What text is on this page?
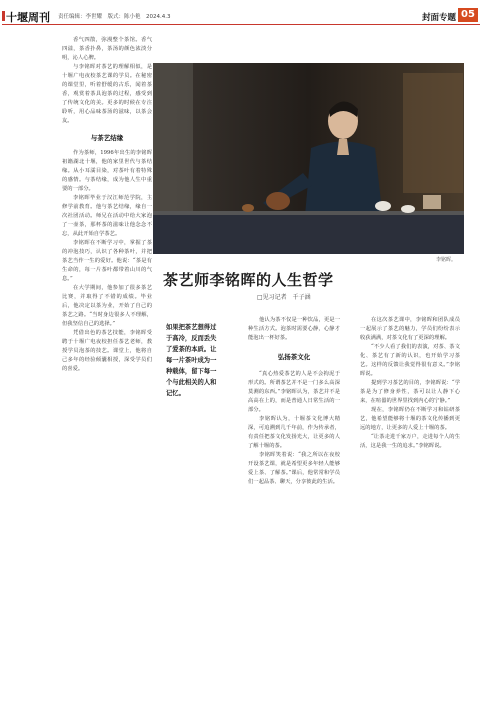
十堰周刊 责任编辑：李世耀　版式：陈小艳　2024.4.3	封面专题 05

香气四散，弥漫整个茶馆。香气四溢，茶香扑鼻，茶汤的颜色浓淡分明，沁人心脾。

与李铭晖对茶艺的理解相似，是十堰广电夜校茶艺课的学员。在秘密的课堂里，听着舒缓的古乐，闻着茶香，观赏着茶具泡茶的过程，感受到了传统文化的美。更多的时候在专注聆听，用心品味茶汤的滋味，以茶会友。

与茶艺结缘

作为茶师，1996年出生的李铭晖祖籍湖北十堰，他的家里世代与茶结缘。从小耳濡目染，对茶叶有着特殊的感情。与茶结缘，成为他人生中重要的一部分。

李铭晖毕业于汉江师范学院，主修学前教育。他与茶艺结缘，缘自一次社团活动。师兄在活动中给大家泡了一壶茶，那杯茶的滋味让他念念不忘，从此开始自学茶艺。

李铭晖在不断学习中，掌握了茶的冲泡技巧，认识了各种茶叶，并把茶艺当作一生的爱好。他说：“茶是有生命的，每一片茶叶都带着山川的气息。”

在大学期间，他参加了很多茶艺比赛，并取得了不错的成绩。毕业后，他决定以茶为业，开始了自己的茶艺之路。“当时身边很多人不理解，但我坚信自己的选择。”

凭借出色的茶艺技能，李铭晖受聘于十堰广电夜校担任茶艺老师，教授学员泡茶的技艺。课堂上，他将自己多年的经验倾囊相授，深受学员们的喜爱。

李铭晖。
茶艺师李铭晖的人生哲学
□见习记者　千子涵
如果把茶艺想得过于高冷，反而丢失了爱茶的本质。让每一片茶叶成为一种载体，留下每一个与此相关的人和记忆。

他认为茶不仅是一种饮品，更是一种生活方式。泡茶时需要心静，心静才能泡出一杯好茶。

弘扬茶文化

“真心热爱茶艺的人是不会拘泥于形式的。所谓茶艺并不是一门多么高深莫测的东西。”李铭晖认为，茶艺并不是高高在上的，而是普通人日常生活的一部分。

李铭晖认为，十堰茶文化博大精深，可追溯到几千年前，作为传承者，有责任把茶文化发扬光大，让更多的人了解十堰的茶。

李铭晖笑着说：“我之所以在夜校开设茶艺课，就是希望更多年轻人能够爱上茶、了解茶。”课后，他常常和学员们一起品茶、聊天，分享彼此的生活。

在这次茶艺课中，李铭晖和团队成员一起展示了茶艺的魅力，学员们纷纷表示收获满满，对茶文化有了更深的理解。

“不少人看了我们的表演，对茶、茶文化、茶艺有了新的认识，也开始学习茶艺。这样的反馈让我觉得很有意义。”李铭晖说。

提到学习茶艺的目的，李铭晖说：“学茶是为了修身养性，茶可以让人静下心来，在喧嚣的世界里找到内心的宁静。”

现在，李铭晖仍在不断学习和钻研茶艺，他希望能够将十堰的茶文化传播到更远的地方，让更多的人爱上十堰的茶。

“让茶走进千家万户，走进每个人的生活，这是我一生的追求。”李铭晖说。
